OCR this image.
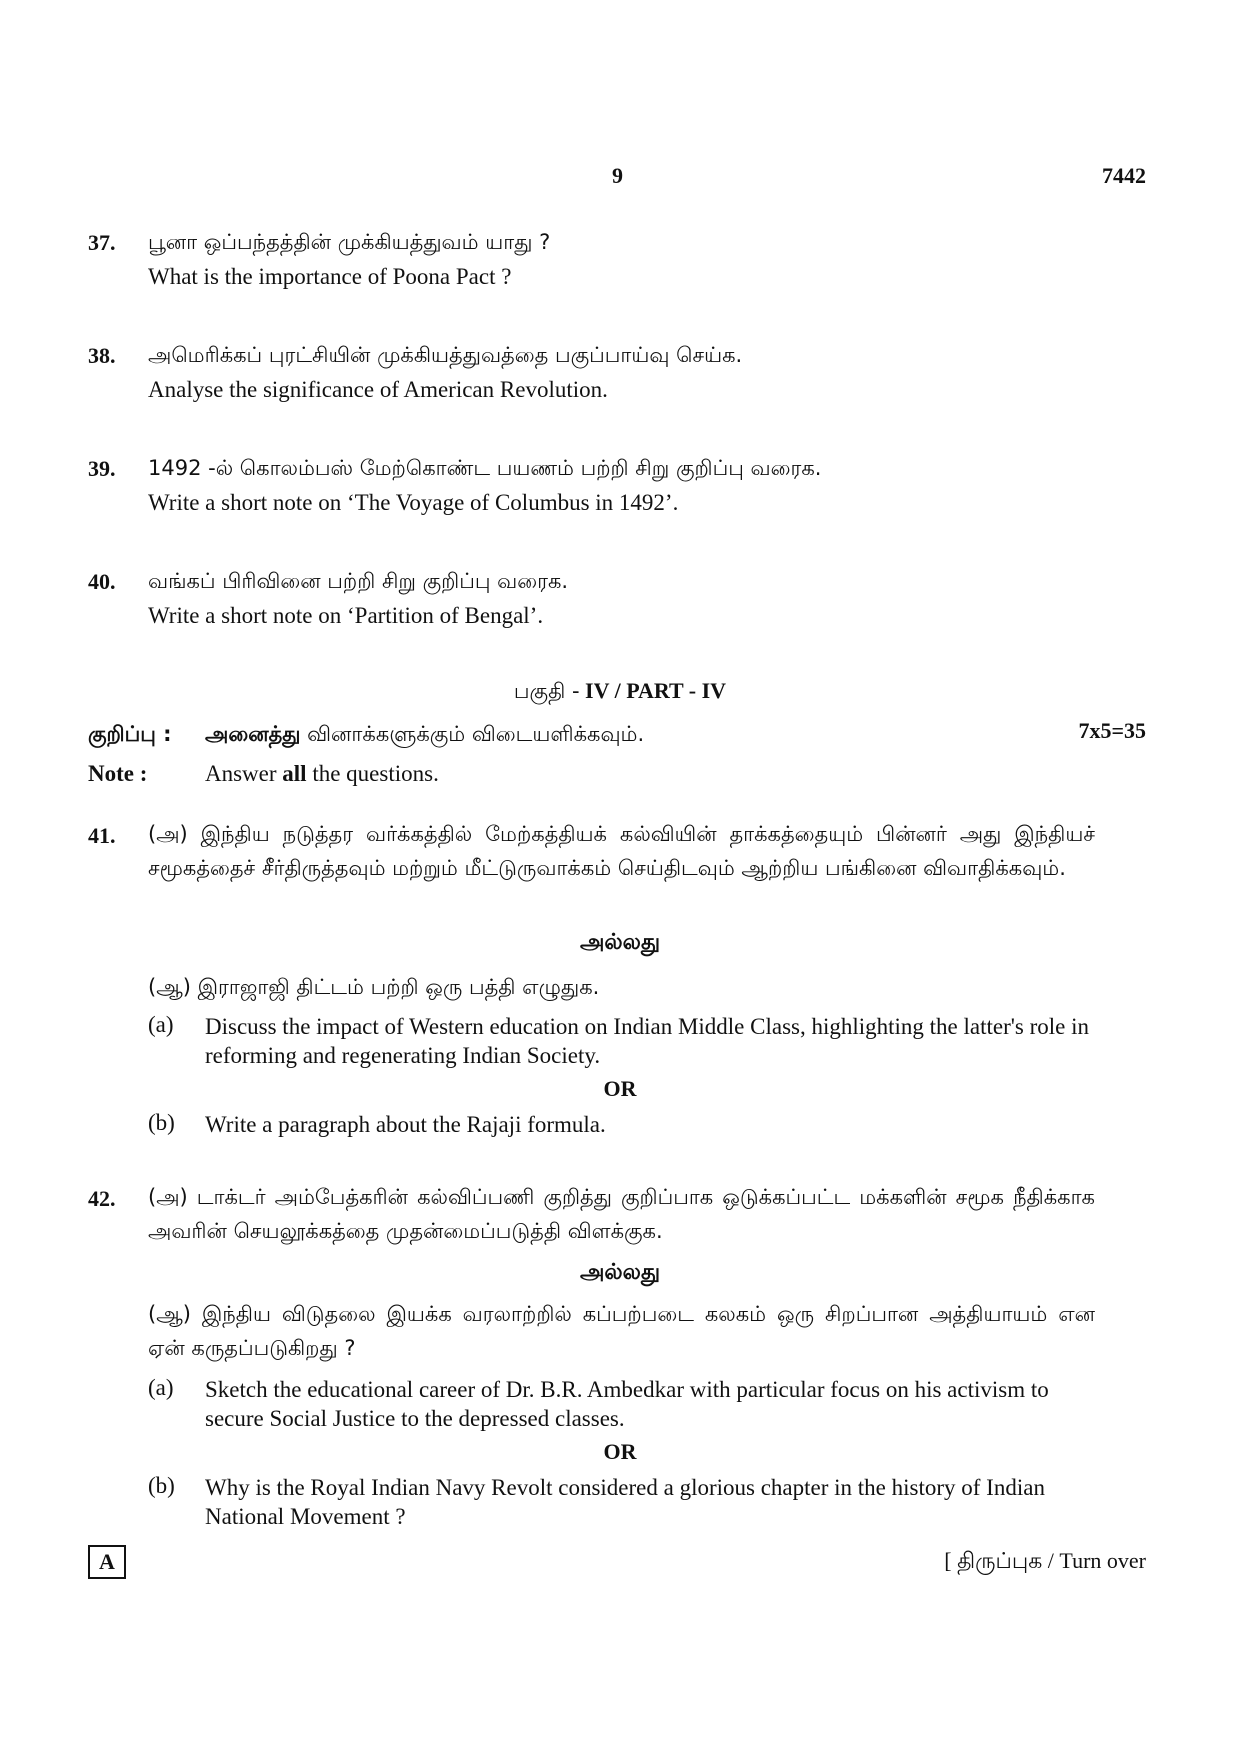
9	7442
37. பூனா ஒப்பந்தத்தின் முக்கியத்துவம் யாது ?
What is the importance of Poona Pact ?
38. அமெரிக்கப் புரட்சியின் முக்கியத்துவத்தை பகுப்பாய்வு செய்க.
Analyse the significance of American Revolution.
39. 1492 -ல் கொலம்பஸ் மேற்கொண்ட பயணம் பற்றி சிறு குறிப்பு வரைக.
Write a short note on ‘The Voyage of Columbus in 1492’.
40. வங்கப் பிரிவினை பற்றி சிறு குறிப்பு வரைக.
Write a short note on ‘Partition of Bengal’.
பகுதி - IV / PART - IV
குறிப்பு : அனைத்து வினாக்களுக்கும் விடையளிக்கவும்.	7x5=35
Note :	Answer all the questions.
41. (அ) இந்திய நடுத்தர வர்க்கத்தில் மேற்கத்தியக் கல்வியின் தாக்கத்தையும் பின்னர் அது இந்தியச் சமூகத்தைச் சீர்திருத்தவும் மற்றும் மீட்டுருவாக்கம் செய்திடவும் ஆற்றிய பங்கினை விவாதிக்கவும்.
அல்லது
(ஆ) இராஜாஜி திட்டம் பற்றி ஒரு பத்தி எழுதுக.
(a) Discuss the impact of Western education on Indian Middle Class, highlighting the latter's role in reforming and regenerating Indian Society.
OR
(b) Write a paragraph about the Rajaji formula.
42. (அ) டாக்டர் அம்பேத்கரின் கல்விப்பணி குறித்து குறிப்பாக ஒடுக்கப்பட்ட மக்களின் சமூக நீதிக்காக அவரின் செயலூக்கத்தை முதன்மைப்படுத்தி விளக்குக.
அல்லது
(ஆ) இந்திய விடுதலை இயக்க வரலாற்றில் கப்பற்படை கலகம் ஒரு சிறப்பான அத்தியாயம் என ஏன் கருதப்படுகிறது ?
(a) Sketch the educational career of Dr. B.R. Ambedkar with particular focus on his activism to secure Social Justice to the depressed classes.
OR
(b) Why is the Royal Indian Navy Revolt considered a glorious chapter in the history of Indian National Movement ?
A	[ திருப்புக / Turn over
